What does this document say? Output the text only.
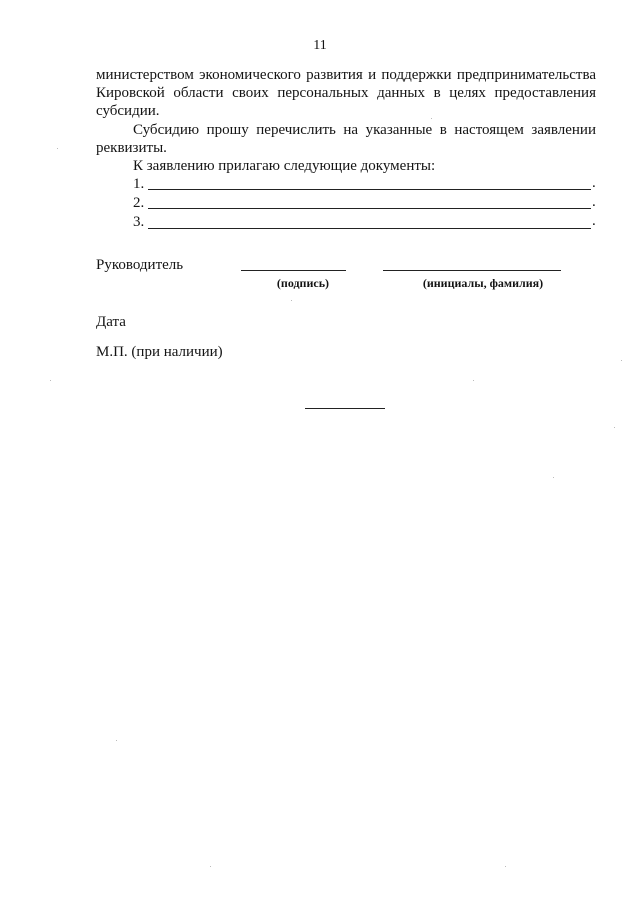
11
министерством экономического развития и поддержки предпринимательства
Кировской области своих персональных данных в целях предоставления
субсидии.
Субсидию прошу перечислить на указанные в настоящем заявлении
реквизиты.
К заявлению прилагаю следующие документы:
1.	.
2.	.
3.	.
Руководитель
(подпись)	(инициалы, фамилия)
Дата
М.П. (при наличии)
